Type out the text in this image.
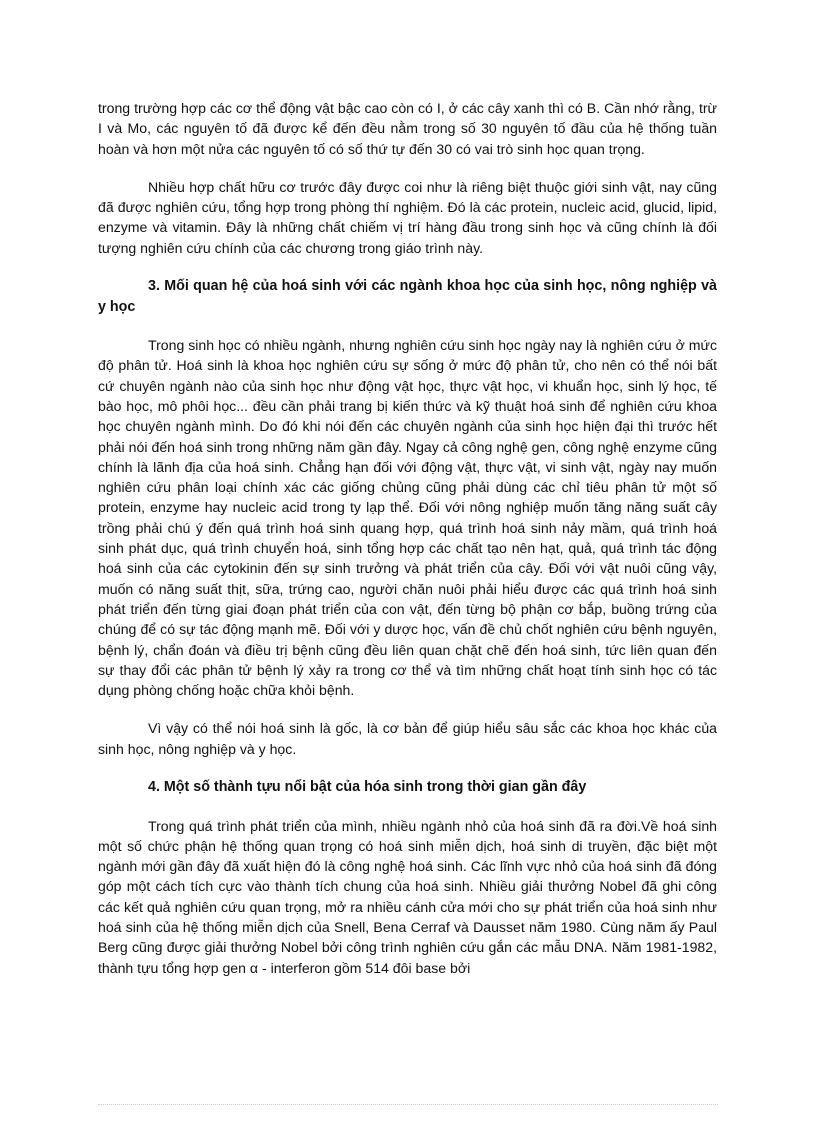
trong trường hợp các cơ thể động vật bậc cao còn có I, ở các cây xanh thì có B. Cần nhớ rằng, trừ I và Mo, các nguyên tố đã được kể đến đều nằm trong số 30 nguyên tố đầu của hệ thống tuần hoàn và hơn một nửa các nguyên tố có số thứ tự đến 30 có vai trò sinh học quan trọng.

Nhiều hợp chất hữu cơ trước đây được coi như là riêng biệt thuộc giới sinh vật, nay cũng đã được nghiên cứu, tổng hợp trong phòng thí nghiệm. Đó là các protein, nucleic acid, glucid, lipid, enzyme và vitamin. Đây là những chất chiếm vị trí hàng đầu trong sinh học và cũng chính là đối tượng nghiên cứu chính của các chương trong giáo trình này.

3. Mối quan hệ của hoá sinh với các ngành khoa học của sinh học, nông nghiệp và y học

Trong sinh học có nhiều ngành, nhưng nghiên cứu sinh học ngày nay là nghiên cứu ở mức độ phân tử. Hoá sinh là khoa học nghiên cứu sự sống ở mức độ phân tử, cho nên có thể nói bất cứ chuyên ngành nào của sinh học như động vật học, thực vật học, vi khuẩn học, sinh lý học, tế bào học, mô phôi học... đều cần phải trang bị kiến thức và kỹ thuật hoá sinh để nghiên cứu khoa học chuyên ngành mình. Do đó khi nói đến các chuyên ngành của sinh học hiện đại thì trước hết phải nói đến hoá sinh trong những năm gần đây. Ngay cả công nghệ gen, công nghệ enzyme cũng chính là lãnh địa của hoá sinh. Chẳng hạn đối với động vật, thực vật, vi sinh vật, ngày nay muốn nghiên cứu phân loại chính xác các giống chủng cũng phải dùng các chỉ tiêu phân tử một số protein, enzyme hay nucleic acid trong ty lạp thể. Đối với nông nghiệp muốn tăng năng suất cây trồng phải chú ý đến quá trình hoá sinh quang hợp, quá trình hoá sinh nảy mầm, quá trình hoá sinh phát dục, quá trình chuyển hoá, sinh tổng hợp các chất tạo nên hạt, quả, quá trình tác động hoá sinh của các cytokinin đến sự sinh trưởng và phát triển của cây. Đối với vật nuôi cũng vậy, muốn có năng suất thịt, sữa, trứng cao, người chăn nuôi phải hiểu được các quá trình hoá sinh phát triển đến từng giai đoạn phát triển của con vật, đến từng bộ phận cơ bắp, buồng trứng của chúng để có sự tác động mạnh mẽ. Đối với y dược học, vấn đề chủ chốt nghiên cứu bệnh nguyên, bệnh lý, chẩn đoán và điều trị bệnh cũng đều liên quan chặt chẽ đến hoá sinh, tức liên quan đến sự thay đổi các phân tử bệnh lý xảy ra trong cơ thể và tìm những chất hoạt tính sinh học có tác dụng phòng chống hoặc chữa khỏi bệnh.

Vì vậy có thể nói hoá sinh là gốc, là cơ bản để giúp hiểu sâu sắc các khoa học khác của sinh học, nông nghiệp và y học.

4. Một số thành tựu nổi bật của hóa sinh trong thời gian gần đây

Trong quá trình phát triển của mình, nhiều ngành nhỏ của hoá sinh đã ra đời.Về hoá sinh một số chức phận hệ thống quan trọng có hoá sinh miễn dịch, hoá sinh di truyền, đặc biệt một ngành mới gần đây đã xuất hiện đó là công nghệ hoá sinh. Các lĩnh vực nhỏ của hoá sinh đã đóng góp một cách tích cực vào thành tích chung của hoá sinh. Nhiều giải thưởng Nobel đã ghi công các kết quả nghiên cứu quan trọng, mở ra nhiều cánh cửa mới cho sự phát triển của hoá sinh như hoá sinh của hệ thống miễn dịch của Snell, Bena Cerraf và Dausset năm 1980. Cùng năm ấy Paul Berg cũng được giải thưởng Nobel bởi công trình nghiên cứu gắn các mẫu DNA. Năm 1981-1982, thành tựu tổng hợp gen α - interferon gồm 514 đôi base bởi
